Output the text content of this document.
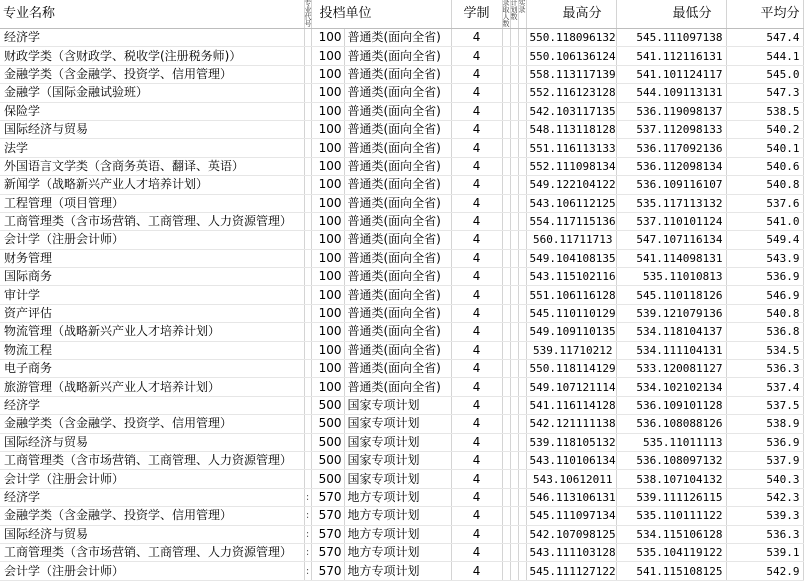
专业名称	专业代号	投档单位		学制	录取人数	计划数	实录	最高分	最低分	平均分
经济学		100	普通类(面向全省)	4				550.118096132	545.111097138	547.4
财政学类（含财政学、税收学(注册税务师)）		100	普通类(面向全省)	4				550.106136124	541.112116131	544.1
金融学类（含金融学、投资学、信用管理）		100	普通类(面向全省)	4				558.113117139	541.101124117	545.0
金融学（国际金融试验班）		100	普通类(面向全省)	4				552.116123128	544.109113131	547.3
保险学		100	普通类(面向全省)	4				542.103117135	536.119098137	538.5
国际经济与贸易		100	普通类(面向全省)	4				548.113118128	537.112098133	540.2
法学		100	普通类(面向全省)	4				551.116113133	536.117092136	540.1
外国语言文学类（含商务英语、翻译、英语）		100	普通类(面向全省)	4				552.111098134	536.112098134	540.6
新闻学（战略新兴产业人才培养计划）		100	普通类(面向全省)	4				549.122104122	536.109116107	540.8
工程管理（项目管理）		100	普通类(面向全省)	4				543.106112125	535.117113132	537.6
工商管理类（含市场营销、工商管理、人力资源管理）		100	普通类(面向全省)	4				554.117115136	537.110101124	541.0
会计学（注册会计师）		100	普通类(面向全省)	4				560.11711713	547.107116134	549.4
财务管理		100	普通类(面向全省)	4				549.104108135	541.114098131	543.9
国际商务		100	普通类(面向全省)	4				543.115102116	535.11010813	536.9
审计学		100	普通类(面向全省)	4				551.106116128	545.110118126	546.9
资产评估		100	普通类(面向全省)	4				545.110110129	539.121079136	540.8
物流管理（战略新兴产业人才培养计划）		100	普通类(面向全省)	4				549.109110135	534.118104137	536.8
物流工程		100	普通类(面向全省)	4				539.11710212	534.111104131	534.5
电子商务		100	普通类(面向全省)	4				550.118114129	533.120081127	536.3
旅游管理（战略新兴产业人才培养计划）		100	普通类(面向全省)	4				549.107121114	534.102102134	537.4
经济学		500	国家专项计划	4				541.116114128	536.109101128	537.5
金融学类（含金融学、投资学、信用管理）		500	国家专项计划	4				542.121111138	536.108088126	538.9
国际经济与贸易		500	国家专项计划	4				539.118105132	535.11011113	536.9
工商管理类（含市场营销、工商管理、人力资源管理）		500	国家专项计划	4				543.110106134	536.108097132	537.9
会计学（注册会计师）		500	国家专项计划	4				543.10612011	538.107104132	540.3
经济学	:	570	地方专项计划	4				546.113106131	539.111126115	542.3
金融学类（含金融学、投资学、信用管理）	:	570	地方专项计划	4				545.111097134	535.110111122	539.3
国际经济与贸易	:	570	地方专项计划	4				542.107098125	534.115106128	536.3
工商管理类（含市场营销、工商管理、人力资源管理）	:	570	地方专项计划	4				543.111103128	535.104119122	539.1
会计学（注册会计师）	:	570	地方专项计划	4				545.111127122	541.115108125	542.9
